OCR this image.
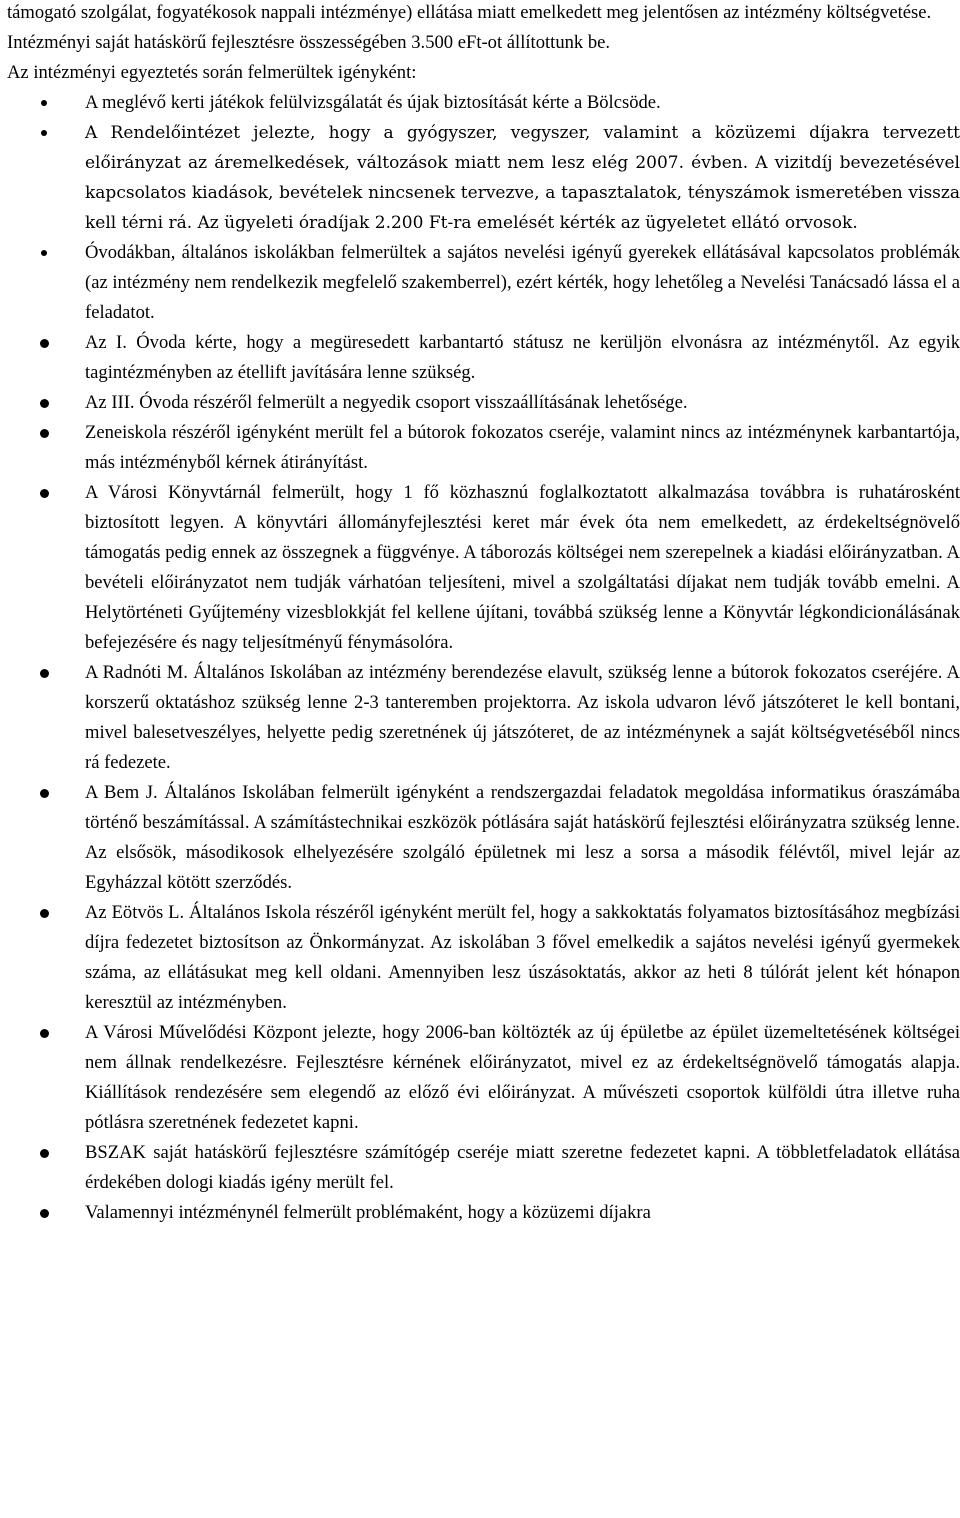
támogató szolgálat, fogyatékosok nappali intézménye) ellátása miatt emelkedett meg jelentősen az intézmény költségvetése.

Intézményi saját hatáskörű fejlesztésre összességében 3.500 eFt-ot állítottunk be.

Az intézményi egyeztetés során felmerültek igényként:

A meglévő kerti játékok felülvizsgálatát és újak biztosítását kérte a Bölcsöde.
A Rendelőintézet jelezte, hogy a gyógyszer, vegyszer, valamint a közüzemi díjakra tervezett előirányzat az áremelkedések, változások miatt nem lesz elég 2007. évben. A vizitdíj bevezetésével kapcsolatos kiadások, bevételek nincsenek tervezve, a tapasztalatok, tényszámok ismeretében vissza kell térni rá. Az ügyeleti óradíjak 2.200 Ft-ra emelését kérték az ügyeletet ellátó orvosok.
Óvodákban, általános iskolákban felmerültek a sajátos nevelési igényű gyerekek ellátásával kapcsolatos problémák (az intézmény nem rendelkezik megfelelő szakemberrel), ezért kérték, hogy lehetőleg a Nevelési Tanácsadó lássa el a feladatot.
Az I. Óvoda kérte, hogy a megüresedett karbantartó státusz ne kerüljön elvonásra az intézménytől. Az egyik tagintézményben az étellift javítására lenne szükség.
Az III. Óvoda részéről felmerült a negyedik csoport visszaállításának lehetősége.
Zeneiskola részéről igényként merült fel a bútorok fokozatos cseréje, valamint nincs az intézménynek karbantartója, más intézményből kérnek átirányítást.
A Városi Könyvtárnál felmerült, hogy 1 fő közhasznú foglalkoztatott alkalmazása továbbra is ruhatárosként biztosított legyen. A könyvtári állományfejlesztési keret már évek óta nem emelkedett, az érdekeltségnövelő támogatás pedig ennek az összegnek a függvénye. A táborozás költségei nem szerepelnek a kiadási előirányzatban. A bevételi előirányzatot nem tudják várhatóan teljesíteni, mivel a szolgáltatási díjakat nem tudják tovább emelni. A Helytörténeti Gyűjtemény vizesblokkját fel kellene újítani, továbbá szükség lenne a Könyvtár légkondicionálásának befejezésére és nagy teljesítményű fénymásolóra.
A Radnóti M. Általános Iskolában az intézmény berendezése elavult, szükség lenne a bútorok fokozatos cseréjére. A korszerű oktatáshoz szükség lenne 2-3 tanteremben projektorra. Az iskola udvaron lévő játszóteret le kell bontani, mivel balesetveszélyes, helyette pedig szeretnének új játszóteret, de az intézménynek a saját költségvetéséből nincs rá fedezete.
A Bem J. Általános Iskolában felmerült igényként a rendszergazdai feladatok megoldása informatikus óraszámába történő beszámítással. A számítástechnikai eszközök pótlására saját hatáskörű fejlesztési előirányzatra szükség lenne. Az elsősök, másodikosok elhelyezésére szolgáló épületnek mi lesz a sorsa a második félévtől, mivel lejár az Egyházzal kötött szerződés.
Az Eötvös L. Általános Iskola részéről igényként merült fel, hogy a sakkoktatás folyamatos biztosításához megbízási díjra fedezetet biztosítson az Önkormányzat. Az iskolában 3 fővel emelkedik a sajátos nevelési igényű gyermekek száma, az ellátásukat meg kell oldani. Amennyiben lesz úszásoktatás, akkor az heti 8 túlórát jelent két hónapon keresztül az intézményben.
A Városi Művelődési Központ jelezte, hogy 2006-ban költözték az új épületbe az épület üzemeltetésének költségei nem állnak rendelkezésre. Fejlesztésre kérnének előirányzatot, mivel ez az érdekeltségnövelő támogatás alapja. Kiállítások rendezésére sem elegendő az előző évi előirányzat. A művészeti csoportok külföldi útra illetve ruha pótlásra szeretnének fedezetet kapni.
BSZAK saját hatáskörű fejlesztésre számítógép cseréje miatt szeretne fedezetet kapni. A többletfeladatok ellátása érdekében dologi kiadás igény merült fel.
Valamennyi intézménynél felmerült problémaként, hogy a közüzemi díjakra
